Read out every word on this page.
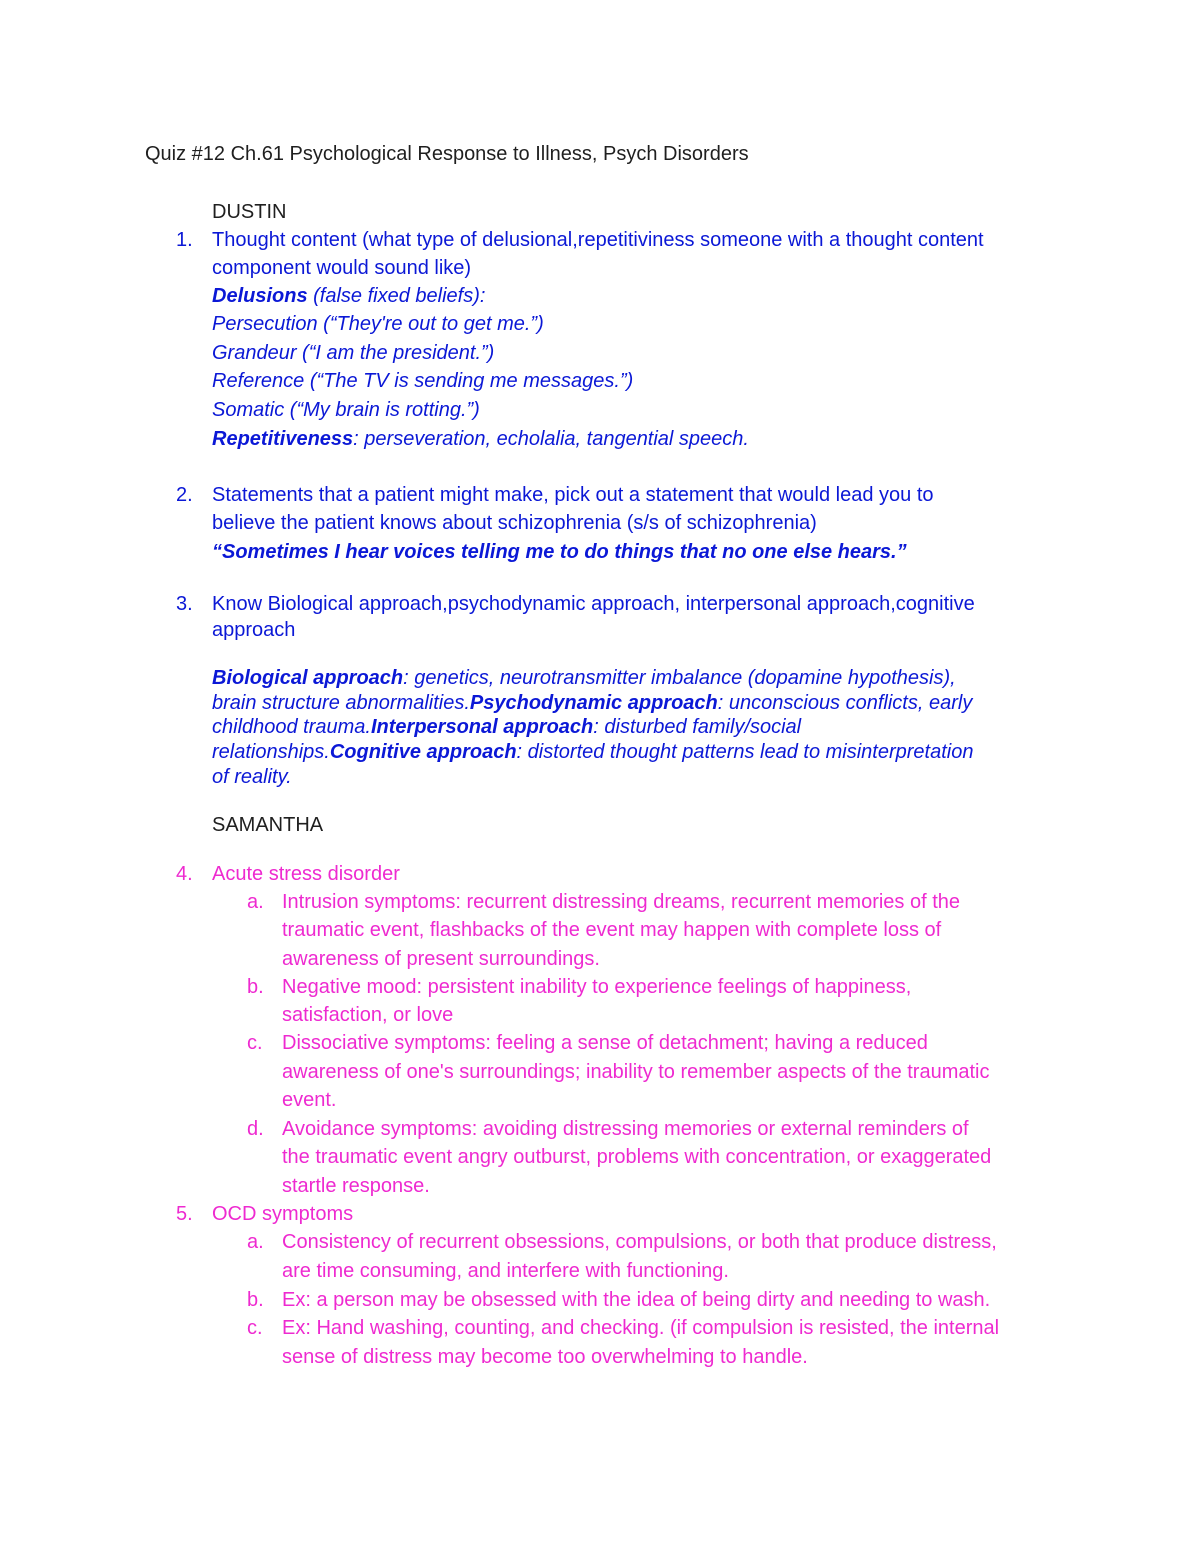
Quiz #12 Ch.61 Psychological Response to Illness, Psych Disorders
DUSTIN
1. Thought content (what type of delusional,repetitiviness someone with a thought content
component would sound like)
Delusions (false fixed beliefs):
Persecution (“They're out to get me.”)
Grandeur (“I am the president.”)
Reference (“The TV is sending me messages.”)
Somatic (“My brain is rotting.”)
Repetitiveness: perseveration, echolalia, tangential speech.
2. Statements that a patient might make, pick out a statement that would lead you to
believe the patient knows about schizophrenia (s/s of schizophrenia)
“Sometimes I hear voices telling me to do things that no one else hears.”
3. Know Biological approach,psychodynamic approach, interpersonal approach,cognitive
approach
Biological approach: genetics, neurotransmitter imbalance (dopamine hypothesis),
brain structure abnormalities.Psychodynamic approach: unconscious conflicts, early
childhood trauma.Interpersonal approach: disturbed family/social
relationships.Cognitive approach: distorted thought patterns lead to misinterpretation
of reality.
SAMANTHA
4. Acute stress disorder
a. Intrusion symptoms: recurrent distressing dreams, recurrent memories of the
traumatic event, flashbacks of the event may happen with complete loss of
awareness of present surroundings.
b. Negative mood: persistent inability to experience feelings of happiness,
satisfaction, or love
c. Dissociative symptoms: feeling a sense of detachment; having a reduced
awareness of one's surroundings; inability to remember aspects of the traumatic
event.
d. Avoidance symptoms: avoiding distressing memories or external reminders of
the traumatic event angry outburst, problems with concentration, or exaggerated
startle response.
5. OCD symptoms
a. Consistency of recurrent obsessions, compulsions, or both that produce distress,
are time consuming, and interfere with functioning.
b. Ex: a person may be obsessed with the idea of being dirty and needing to wash.
c. Ex: Hand washing, counting, and checking. (if compulsion is resisted, the internal
sense of distress may become too overwhelming to handle.
